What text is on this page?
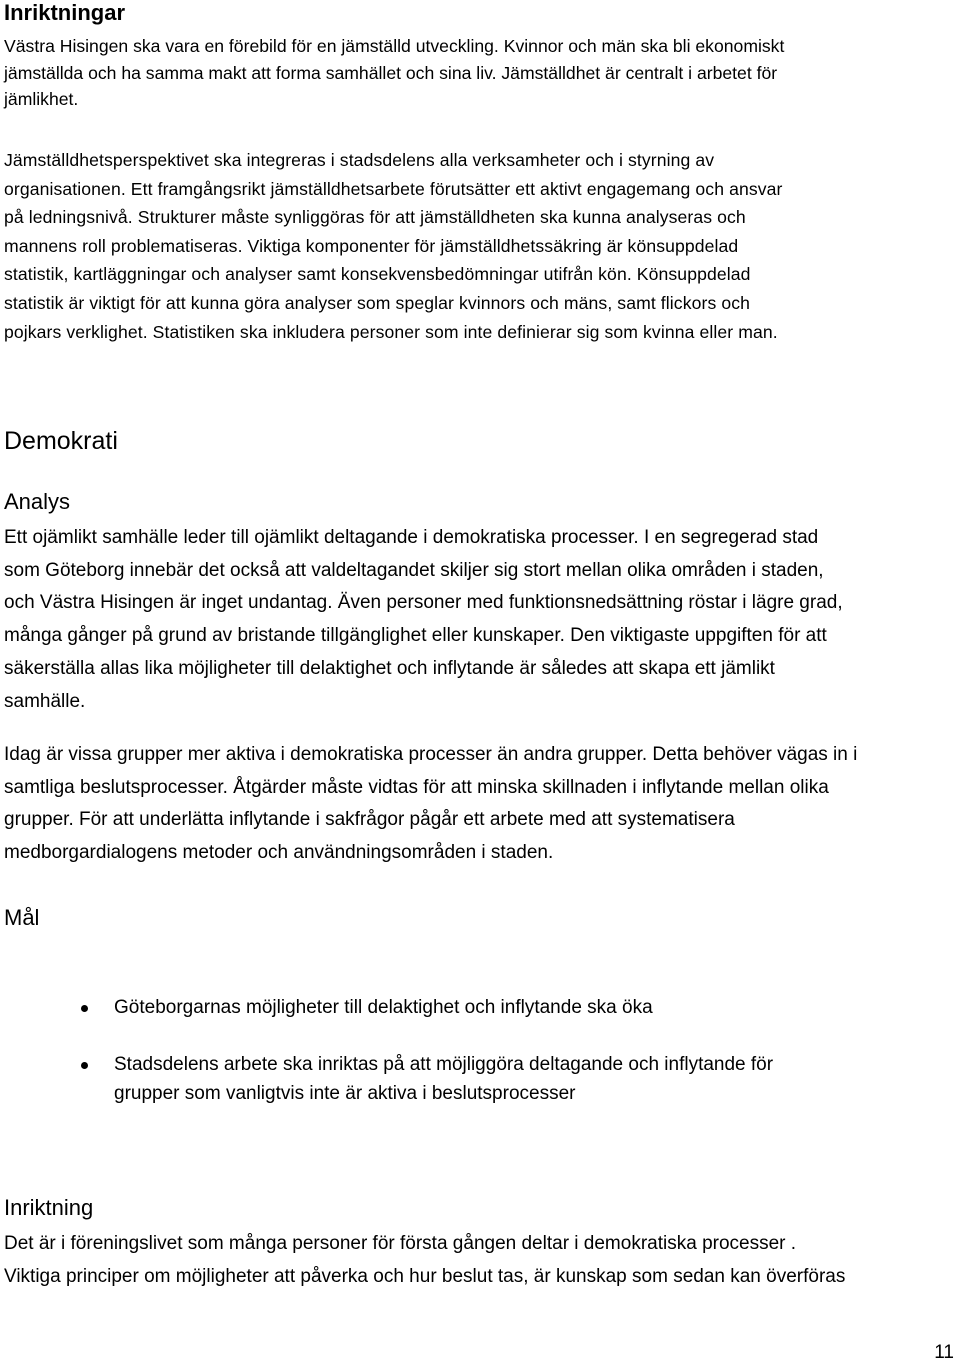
Inriktningar
Västra Hisingen ska vara en förebild för en jämställd utveckling. Kvinnor och män ska bli ekonomiskt
jämställda och ha samma makt att forma samhället och sina liv. Jämställdhet är centralt i arbetet för
jämlikhet.
Jämställdhetsperspektivet ska integreras i stadsdelens alla verksamheter och i styrning av
organisationen. Ett framgångsrikt jämställdhetsarbete förutsätter ett aktivt engagemang och ansvar
på ledningsnivå. Strukturer måste synliggöras för att jämställdheten ska kunna analyseras och
mannens roll problematiseras. Viktiga komponenter för jämställdhetssäkring är könsuppdelad
statistik, kartläggningar och analyser samt konsekvensbedömningar utifrån kön. Könsuppdelad
statistik är viktigt för att kunna göra analyser som speglar kvinnors och mäns, samt flickors och
pojkars verklighet. Statistiken ska inkludera personer som inte definierar sig som kvinna eller man.
Demokrati
Analys
Ett ojämlikt samhälle leder till ojämlikt deltagande i demokratiska processer. I en segregerad stad
som Göteborg innebär det också att valdeltagandet skiljer sig stort mellan olika områden i staden,
och Västra Hisingen är inget undantag. Även personer med funktionsnedsättning röstar i lägre grad,
många gånger på grund av bristande tillgänglighet eller kunskaper. Den viktigaste uppgiften för att
säkerställa allas lika möjligheter till delaktighet och inflytande är således att skapa ett jämlikt
samhälle.
Idag är vissa grupper mer aktiva i demokratiska processer än andra grupper. Detta behöver vägas in i
samtliga beslutsprocesser. Åtgärder måste vidtas för att minska skillnaden i inflytande mellan olika
grupper. För att underlätta inflytande i sakfrågor pågår ett arbete med att systematisera
medborgardialogens metoder och användningsområden i staden.
Mål
Göteborgarnas möjligheter till delaktighet och inflytande ska öka
Stadsdelens arbete ska inriktas på att möjliggöra deltagande och inflytande för
grupper som vanligtvis inte är aktiva i beslutsprocesser
Inriktning
Det är i föreningslivet som många personer för första gången deltar i demokratiska processer .
Viktiga principer om möjligheter att påverka och hur beslut tas, är kunskap som sedan kan överföras
11
